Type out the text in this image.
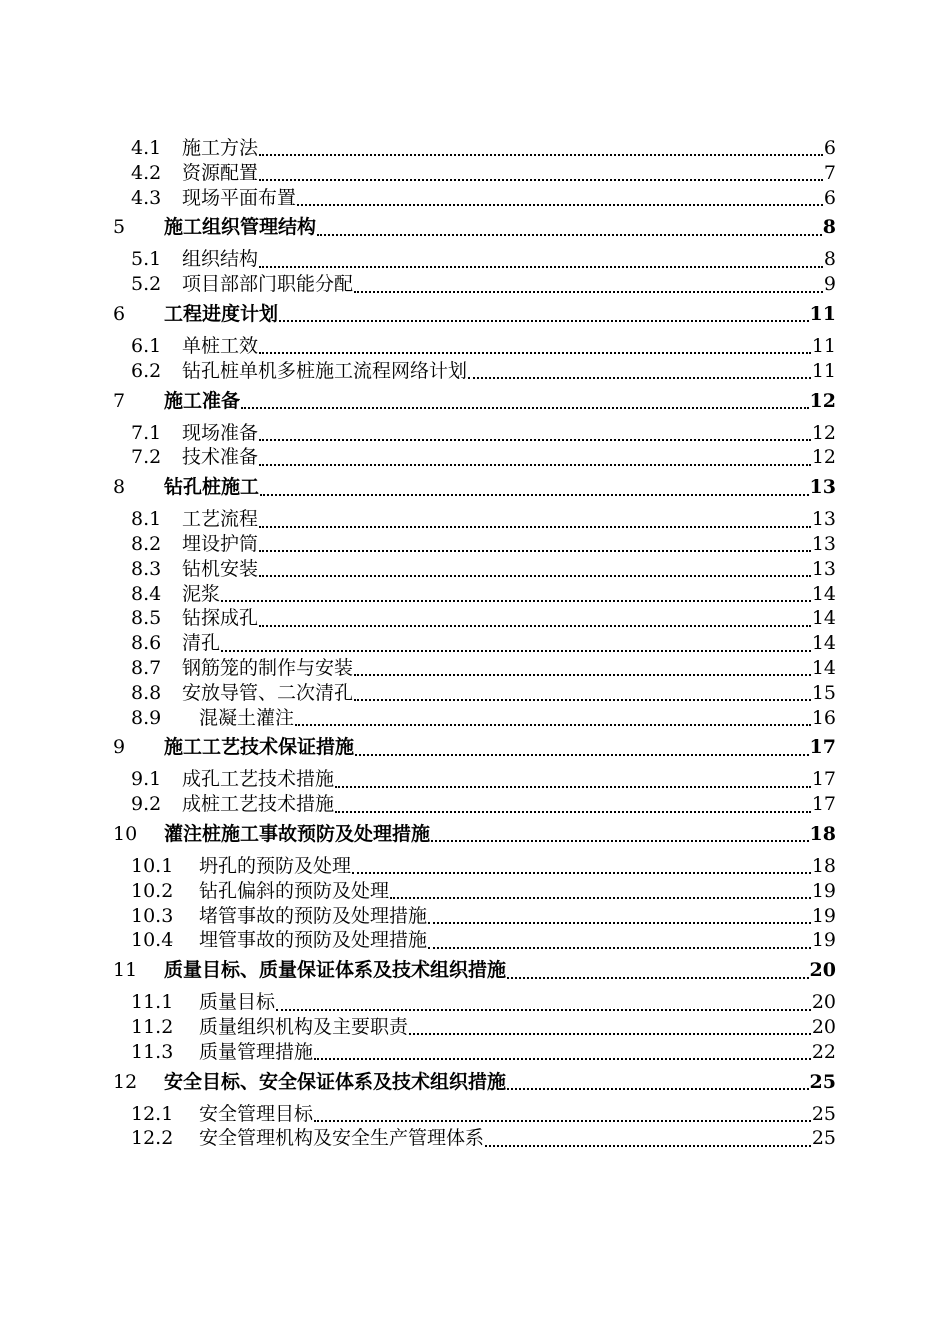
4.1	施工方法	6
4.2	资源配置	7
4.3	现场平面布置	6
5	施工组织管理结构	8
5.1	组织结构	8
5.2	项目部部门职能分配	9
6	工程进度计划	11
6.1	单桩工效	11
6.2	钻孔桩单机多桩施工流程网络计划	11
7	施工准备	12
7.1	现场准备	12
7.2	技术准备	12
8	钻孔桩施工	13
8.1	工艺流程	13
8.2	埋设护筒	13
8.3	钻机安装	13
8.4	泥浆	14
8.5	钻探成孔	14
8.6	清孔	14
8.7	钢筋笼的制作与安装	14
8.8	安放导管、二次清孔	15
8.9	混凝土灌注	16
9	施工工艺技术保证措施	17
9.1	成孔工艺技术措施	17
9.2	成桩工艺技术措施	17
10	灌注桩施工事故预防及处理措施	18
10.1	坍孔的预防及处理	18
10.2	钻孔偏斜的预防及处理	19
10.3	堵管事故的预防及处理措施	19
10.4	埋管事故的预防及处理措施	19
11	质量目标、质量保证体系及技术组织措施	20
11.1	质量目标	20
11.2	质量组织机构及主要职责	20
11.3	质量管理措施	22
12	安全目标、安全保证体系及技术组织措施	25
12.1	安全管理目标	25
12.2	安全管理机构及安全生产管理体系	25
